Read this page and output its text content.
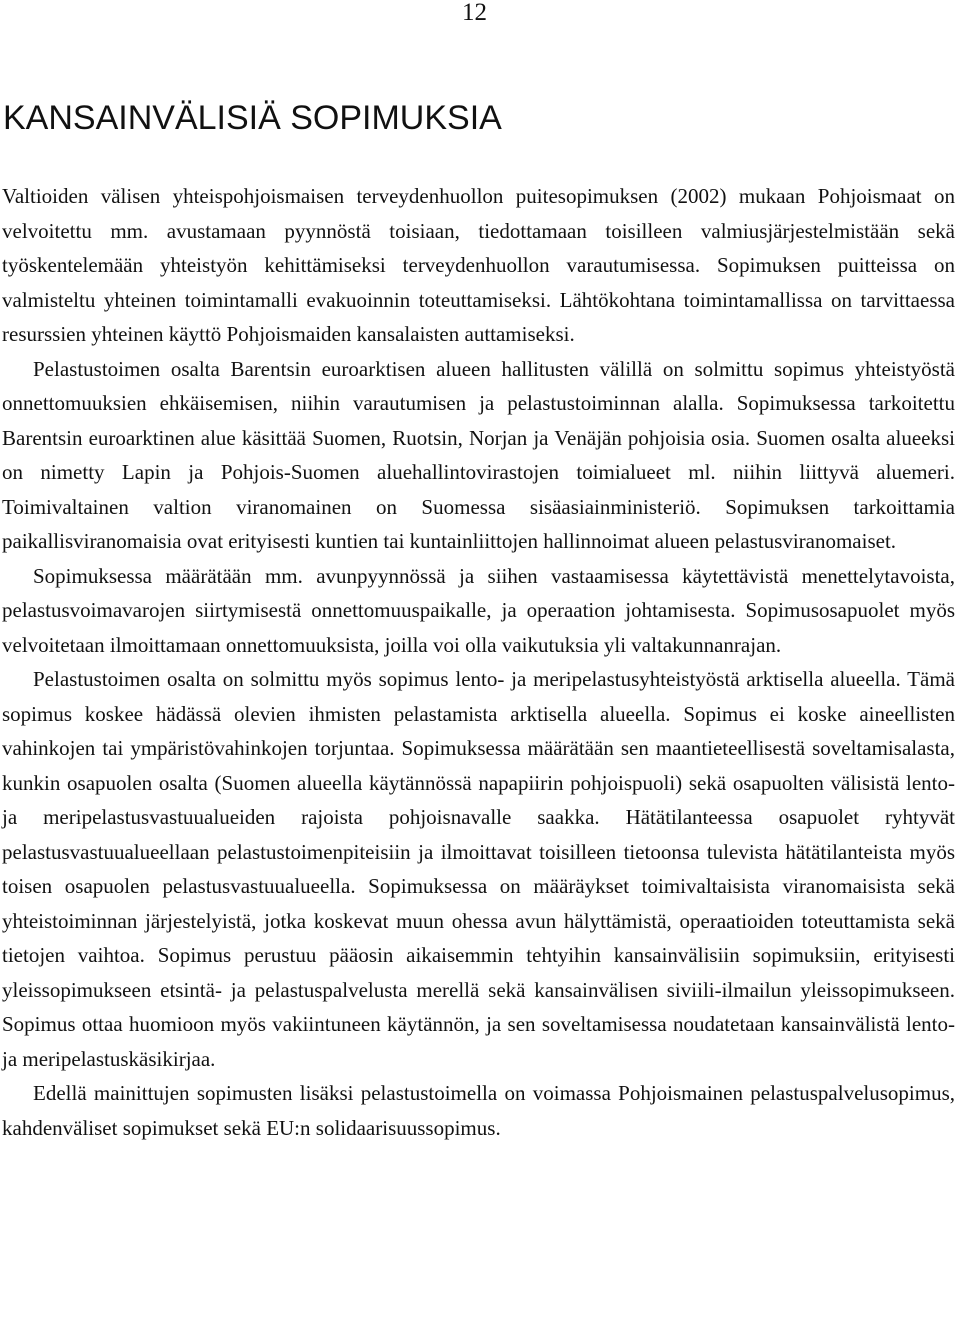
12
KANSAINVÄLISIÄ SOPIMUKSIA

Valtioiden välisen yhteispohjoismaisen terveydenhuollon puitesopimuksen (2002) mukaan Pohjoismaat on velvoitettu mm. avustamaan pyynnöstä toisiaan, tiedottamaan toisilleen valmiusjärjestelmistään sekä työskentelemään yhteistyön kehittämiseksi terveydenhuollon varautumisessa. Sopimuksen puitteissa on valmisteltu yhteinen toimintamalli evakuoinnin toteuttamiseksi. Lähtökohtana toimintamallissa on tarvittaessa resurssien yhteinen käyttö Pohjoismaiden kansalaisten auttamiseksi.

Pelastustoimen osalta Barentsin euroarktisen alueen hallitusten välillä on solmittu sopimus yhteistyöstä onnettomuuksien ehkäisemisen, niihin varautumisen ja pelastustoiminnan alalla. Sopimuksessa tarkoitettu Barentsin euroarktinen alue käsittää Suomen, Ruotsin, Norjan ja Venäjän pohjoisia osia. Suomen osalta alueeksi on nimetty Lapin ja Pohjois-Suomen aluehallintovirastojen toimialueet ml. niihin liittyvä aluemeri. Toimivaltainen valtion viranomainen on Suomessa sisäasiainministeriö. Sopimuksen tarkoittamia paikallisviranomaisia ovat erityisesti kuntien tai kuntainliittojen hallinnoimat alueen pelastusviranomaiset.

Sopimuksessa määrätään mm. avunpyynnössä ja siihen vastaamisessa käytettävistä menettelytavoista, pelastusvoimavarojen siirtymisestä onnettomuuspaikalle, ja operaation johtamisesta. Sopimusosapuolet myös velvoitetaan ilmoittamaan onnettomuuksista, joilla voi olla vaikutuksia yli valtakunnanrajan.

Pelastustoimen osalta on solmittu myös sopimus lento- ja meripelastusyhteistyöstä arktisella alueella. Tämä sopimus koskee hädässä olevien ihmisten pelastamista arktisella alueella. Sopimus ei koske aineellisten vahinkojen tai ympäristövahinkojen torjuntaa. Sopimuksessa määrätään sen maantieteellisestä soveltamisalasta, kunkin osapuolen osalta (Suomen alueella käytännössä napapiirin pohjoispuoli) sekä osapuolten välisistä lento- ja meripelastusvastuualueiden rajoista pohjoisnavalle saakka. Hätätilanteessa osapuolet ryhtyvät pelastusvastuualueellaan pelastustoimenpiteisiin ja ilmoittavat toisilleen tietoonsa tulevista hätätilanteista myös toisen osapuolen pelastusvastuualueella. Sopimuksessa on määräykset toimivaltaisista viranomaisista sekä yhteistoiminnan järjestelyistä, jotka koskevat muun ohessa avun hälyttämistä, operaatioiden toteuttamista sekä tietojen vaihtoa. Sopimus perustuu pääosin aikaisemmin tehtyihin kansainvälisiin sopimuksiin, erityisesti yleissopimukseen etsintä- ja pelastuspalvelusta merellä sekä kansainvälisen siviili-ilmailun yleissopimukseen. Sopimus ottaa huomioon myös vakiintuneen käytännön, ja sen soveltamisessa noudatetaan kansainvälistä lento- ja meripelastuskäsikirjaa.

Edellä mainittujen sopimusten lisäksi pelastustoimella on voimassa Pohjoismainen pelastuspalvelusopimus, kahdenväliset sopimukset sekä EU:n solidaarisuussopimus.
